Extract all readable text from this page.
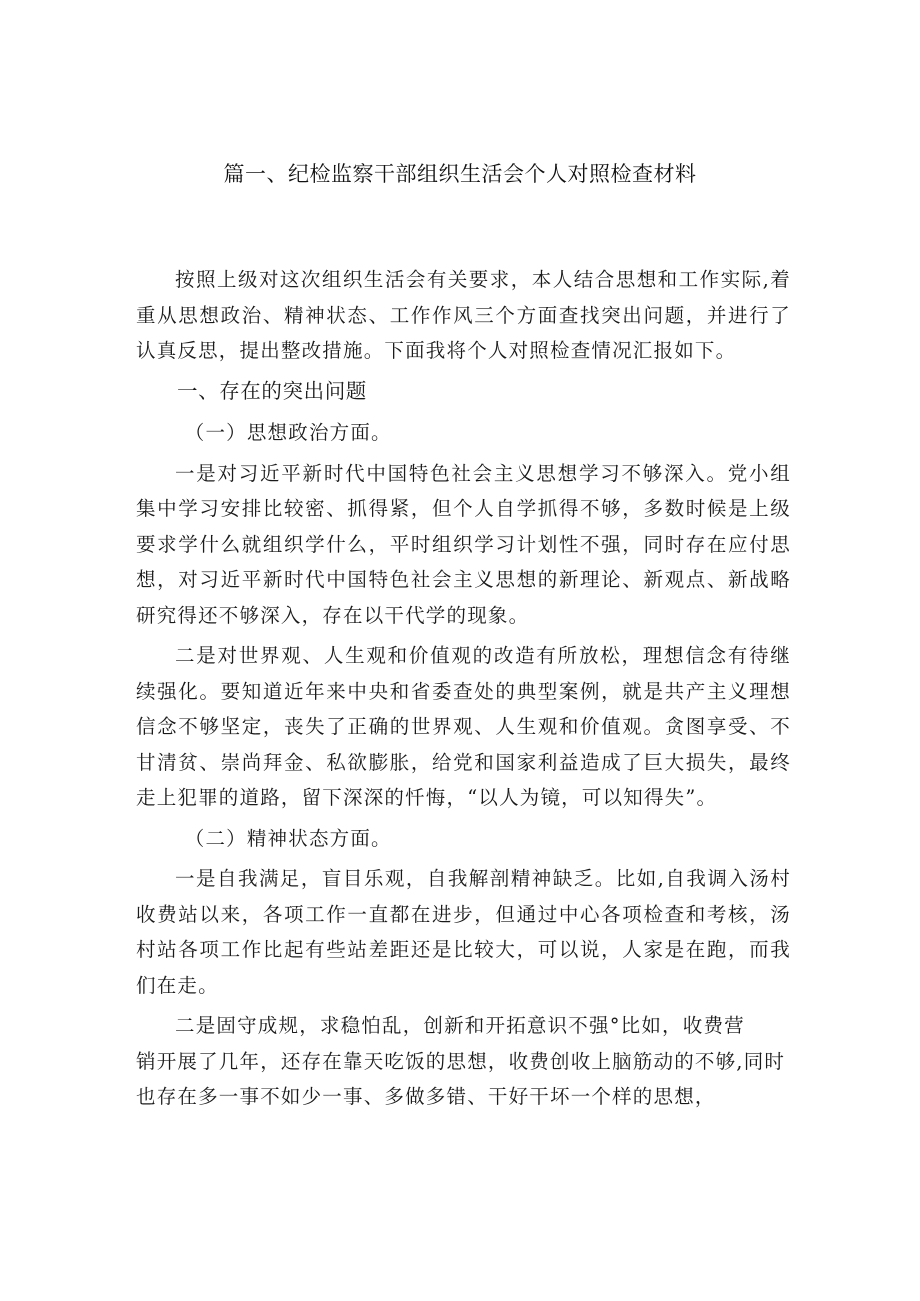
篇一、纪检监察干部组织生活会个人对照检查材料

按照上级对这次组织生活会有关要求，本人结合思想和工作实际,着重从思想政治、精神状态、工作作风三个方面查找突出问题，并进行了认真反思，提出整改措施。下面我将个人对照检查情况汇报如下。

一、存在的突出问题

（一）思想政治方面。

一是对习近平新时代中国特色社会主义思想学习不够深入。党小组集中学习安排比较密、抓得紧，但个人自学抓得不够，多数时候是上级要求学什么就组织学什么，平时组织学习计划性不强，同时存在应付思想，对习近平新时代中国特色社会主义思想的新理论、新观点、新战略研究得还不够深入，存在以干代学的现象。

二是对世界观、人生观和价值观的改造有所放松，理想信念有待继续强化。要知道近年来中央和省委查处的典型案例，就是共产主义理想信念不够坚定，丧失了正确的世界观、人生观和价值观。贪图享受、不甘清贫、崇尚拜金、私欲膨胀，给党和国家利益造成了巨大损失，最终走上犯罪的道路，留下深深的忏悔，“以人为镜，可以知得失”。

（二）精神状态方面。

一是自我满足，盲目乐观，自我解剖精神缺乏。比如,自我调入汤村收费站以来，各项工作一直都在进步，但通过中心各项检查和考核，汤村站各项工作比起有些站差距还是比较大，可以说，人家是在跑，而我们在走。

二是固守成规，求稳怕乱，创新和开拓意识不强°比如，收费营

销开展了几年，还存在靠天吃饭的思想，收费创收上脑筋动的不够,同时也存在多一事不如少一事、多做多错、干好干坏一个样的思想，
